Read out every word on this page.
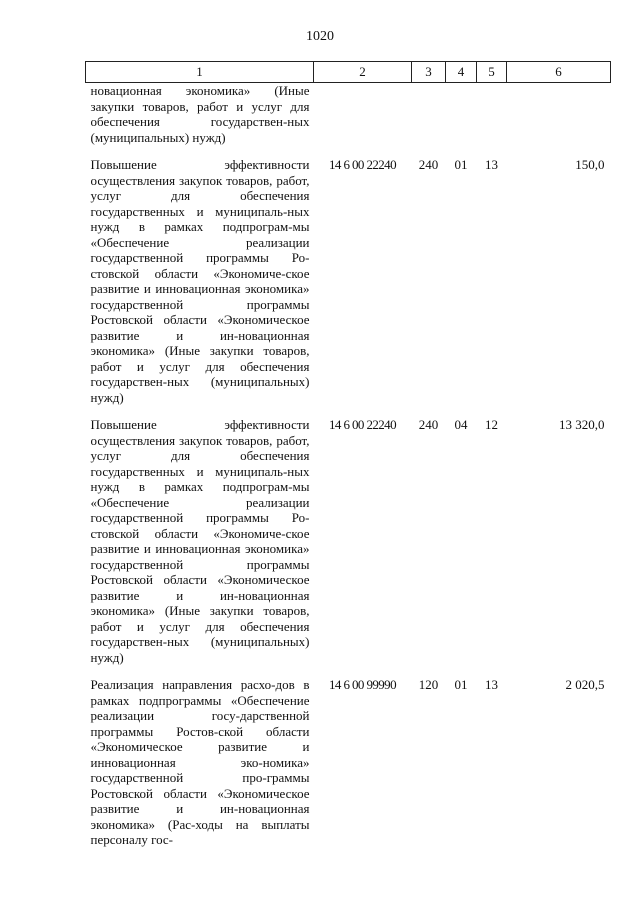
1020
1	2	3	4	5	6
новационная экономика» (Иные закупки товаров, работ и услуг для обеспечения государствен-ных (муниципальных) нужд)					
Повышение эффективности осуществления закупок товаров, работ, услуг для обеспечения государственных и муниципаль-ных нужд в рамках подпрограм-мы «Обеспечение реализации государственной программы Ро-стовской области «Экономиче-ское развитие и инновационная экономика» государственной программы Ростовской области «Экономическое развитие и ин-новационная экономика» (Иные закупки товаров, работ и услуг для обеспечения государствен-ных (муниципальных) нужд)	14 6 00 22240	240	01	13	150,0
Повышение эффективности осуществления закупок товаров, работ, услуг для обеспечения государственных и муниципаль-ных нужд в рамках подпрограм-мы «Обеспечение реализации государственной программы Ро-стовской области «Экономиче-ское развитие и инновационная экономика» государственной программы Ростовской области «Экономическое развитие и ин-новационная экономика» (Иные закупки товаров, работ и услуг для обеспечения государствен-ных (муниципальных) нужд)	14 6 00 22240	240	04	12	13 320,0
Реализация направления расхо-дов в рамках подпрограммы «Обеспечение реализации госу-дарственной программы Ростов-ской области «Экономическое развитие и инновационная эко-номика» государственной про-граммы Ростовской области «Экономическое развитие и ин-новационная экономика» (Рас-ходы на выплаты персоналу гос-	14 6 00 99990	120	01	13	2 020,5
